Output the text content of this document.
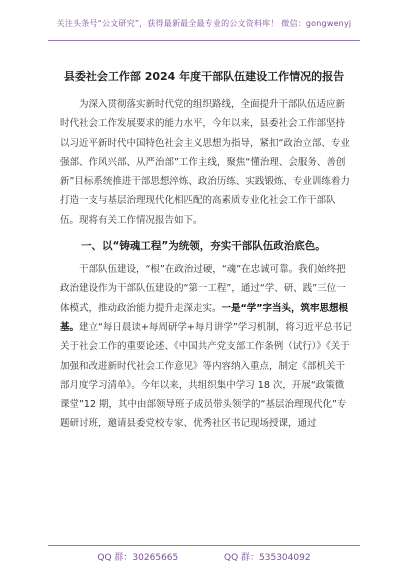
关注头条号“公文研究”，获得最新最全最专业的公文资料库！ 微信：gongwenyj
县委社会工作部 2024 年度干部队伍建设工作情况的报告

为深入贯彻落实新时代党的组织路线，全面提升干部队伍适应新时代社会工作发展要求的能力水平，今年以来，县委社会工作部坚持以习近平新时代中国特色社会主义思想为指导，紧扣“政治立部、专业强部、作风兴部、从严治部”工作主线，聚焦“懂治理、会服务、善创新”目标系统推进干部思想淬炼、政治历练、实践锻炼、专业训练着力打造一支与基层治理现代化相匹配的高素质专业化社会工作干部队伍。现将有关工作情况报告如下。

一、以“铸魂工程”为统领，夯实干部队伍政治底色。

干部队伍建设，“根”在政治过硬，“魂”在忠诚可靠。我们始终把政治建设作为干部队伍建设的“第一工程”，通过“学、研、践”三位一体模式，推动政治能力提升走深走实。一是“学”字当头，筑牢思想根基。建立“每日晨读+每周研学+每月讲学”学习机制，将习近平总书记关于社会工作的重要论述、《中国共产党支部工作条例（试行）》《关于加强和改进新时代社会工作意见》等内容纳入重点，制定《部机关干部月度学习清单》。今年以来，共组织集中学习 18 次，开展“政策微课堂”12 期，其中由部领导班子成员带头领学的“基层治理现代化”专题研讨班，邀请县委党校专家、优秀社区书记现场授课，通过

QQ 群：30265665	QQ 群：535304092
